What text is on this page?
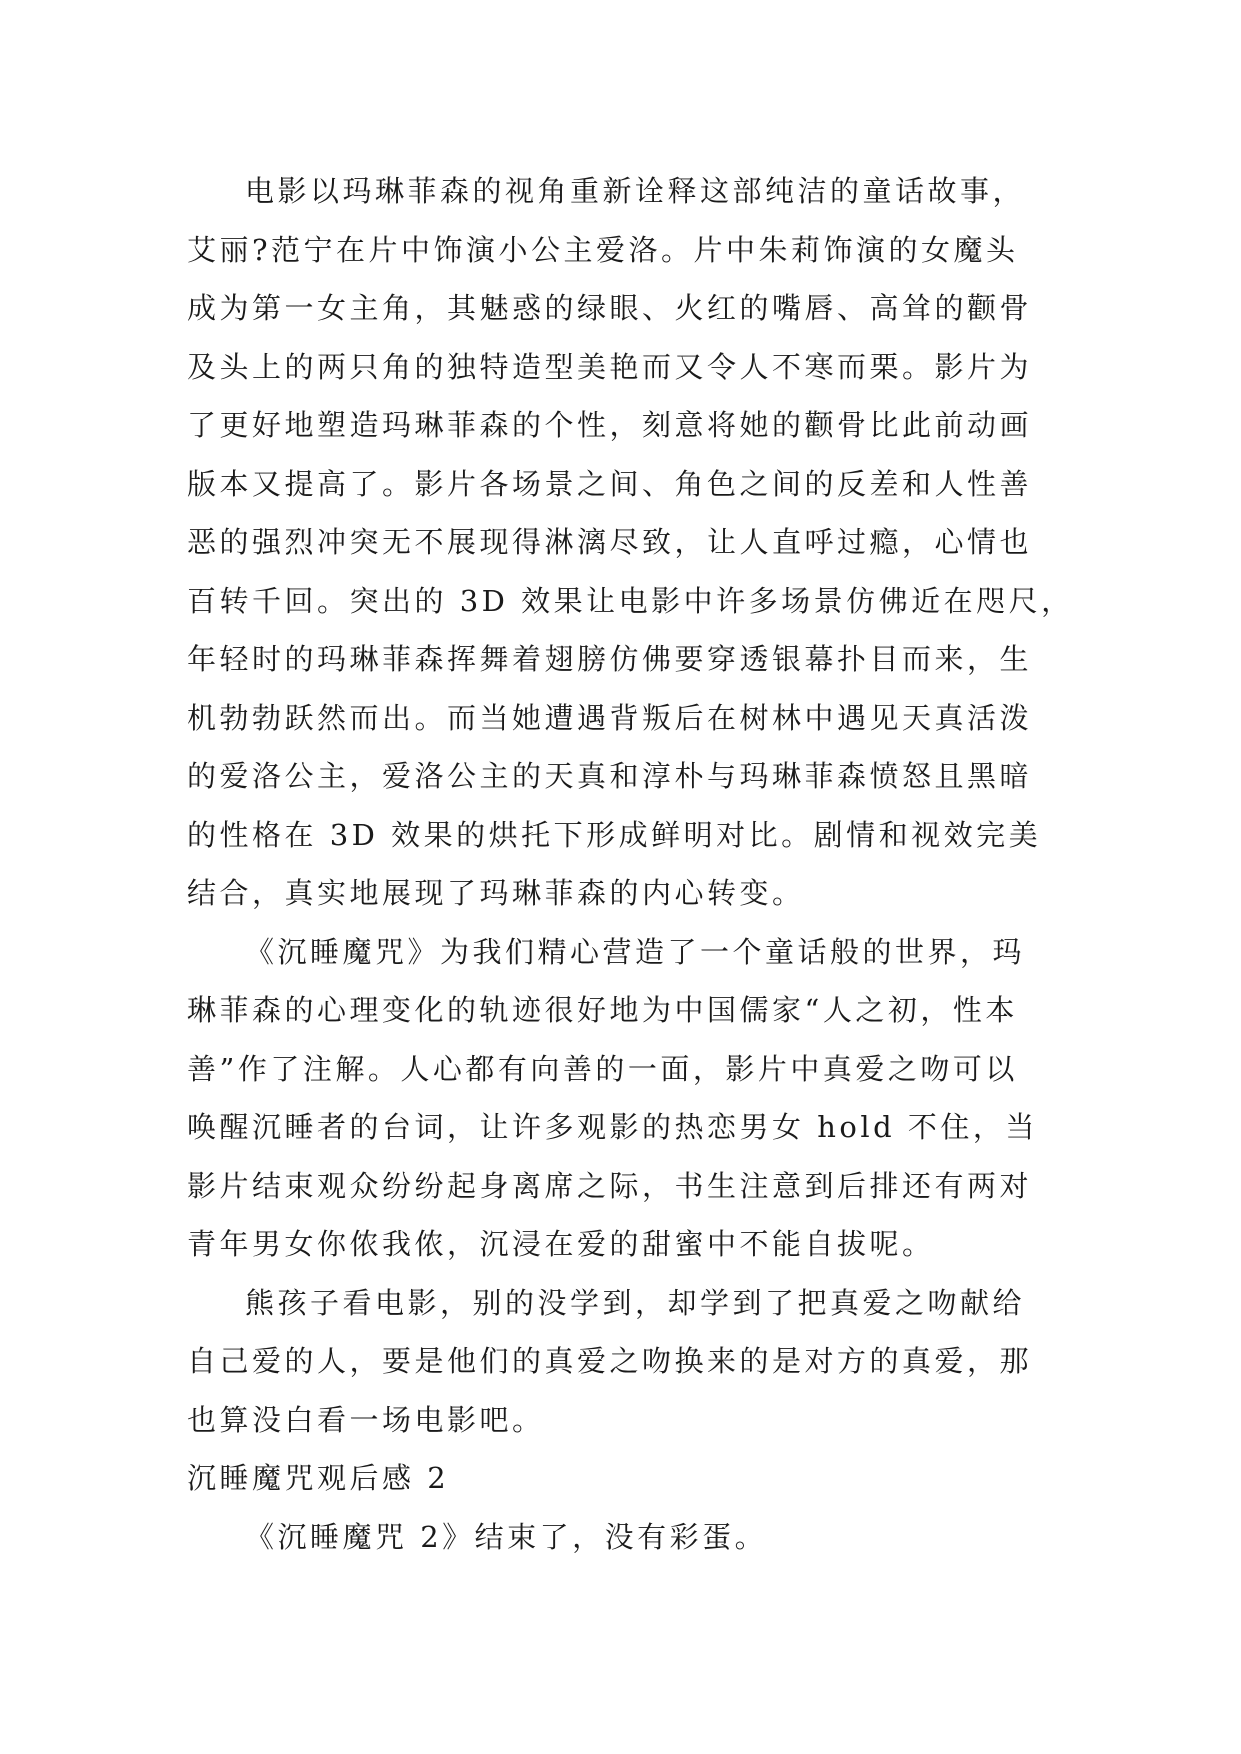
电影以玛琳菲森的视角重新诠释这部纯洁的童话故事，
艾丽?范宁在片中饰演小公主爱洛。片中朱莉饰演的女魔头
成为第一女主角，其魅惑的绿眼、火红的嘴唇、高耸的颧骨
及头上的两只角的独特造型美艳而又令人不寒而栗。影片为
了更好地塑造玛琳菲森的个性，刻意将她的颧骨比此前动画
版本又提高了。影片各场景之间、角色之间的反差和人性善
恶的强烈冲突无不展现得淋漓尽致，让人直呼过瘾，心情也
百转千回。突出的 3D 效果让电影中许多场景仿佛近在咫尺，
年轻时的玛琳菲森挥舞着翅膀仿佛要穿透银幕扑目而来，生
机勃勃跃然而出。而当她遭遇背叛后在树林中遇见天真活泼
的爱洛公主，爱洛公主的天真和淳朴与玛琳菲森愤怒且黑暗
的性格在 3D 效果的烘托下形成鲜明对比。剧情和视效完美
结合，真实地展现了玛琳菲森的内心转变。
《沉睡魔咒》为我们精心营造了一个童话般的世界，玛
琳菲森的心理变化的轨迹很好地为中国儒家“人之初，性本
善”作了注解。人心都有向善的一面，影片中真爱之吻可以
唤醒沉睡者的台词，让许多观影的热恋男女 hold 不住，当
影片结束观众纷纷起身离席之际，书生注意到后排还有两对
青年男女你侬我侬，沉浸在爱的甜蜜中不能自拔呢。
熊孩子看电影，别的没学到，却学到了把真爱之吻献给
自己爱的人，要是他们的真爱之吻换来的是对方的真爱，那
也算没白看一场电影吧。
沉睡魔咒观后感 2
《沉睡魔咒 2》结束了，没有彩蛋。
